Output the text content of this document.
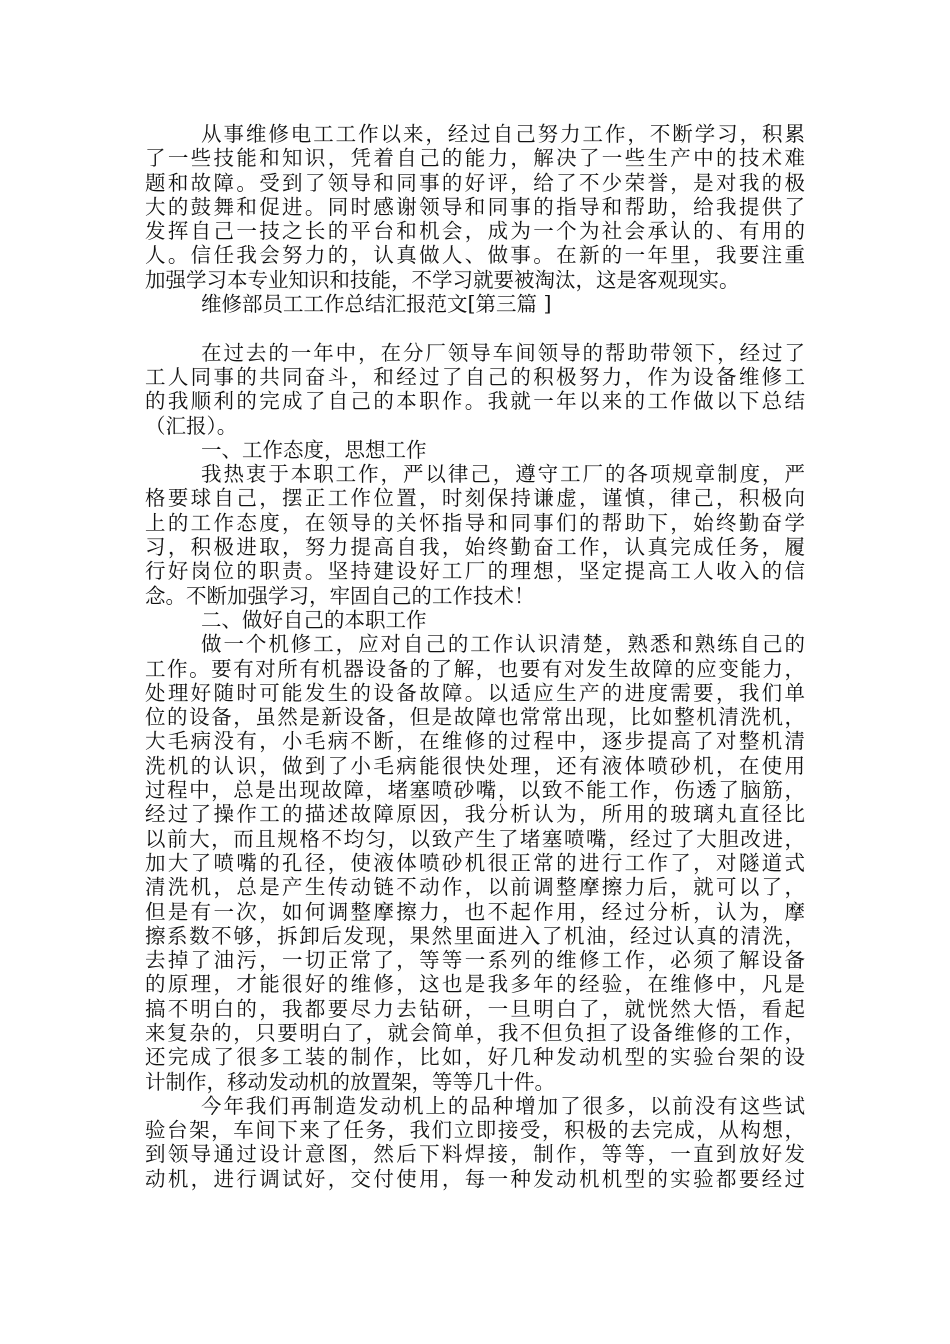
从事维修电工工作以来，经过自己努力工作，不断学习，积累
了一些技能和知识，凭着自己的能力，解决了一些生产中的技术难
题和故障。受到了领导和同事的好评，给了不少荣誉，是对我的极
大的鼓舞和促进。同时感谢领导和同事的指导和帮助，给我提供了
发挥自己一技之长的平台和机会，成为一个为社会承认的、有用的
人。信任我会努力的，认真做人、做事。在新的一年里，我要注重
加强学习本专业知识和技能，不学习就要被淘汰，这是客观现实。
维修部员工工作总结汇报范文[第三篇 ]
在过去的一年中，在分厂领导车间领导的帮助带领下，经过了
工人同事的共同奋斗，和经过了自己的积极努力，作为设备维修工
的我顺利的完成了自己的本职作。我就一年以来的工作做以下总结
（汇报）。
一、工作态度，思想工作
我热衷于本职工作，严以律己，遵守工厂的各项规章制度，严
格要球自己，摆正工作位置，时刻保持谦虚，谨慎，律己，积极向
上的工作态度，在领导的关怀指导和同事们的帮助下，始终勤奋学
习，积极进取，努力提高自我，始终勤奋工作，认真完成任务，履
行好岗位的职责。坚持建设好工厂的理想，坚定提高工人收入的信
念。不断加强学习，牢固自己的工作技术！
二、做好自己的本职工作
做一个机修工，应对自己的工作认识清楚，熟悉和熟练自己的
工作。要有对所有机器设备的了解，也要有对发生故障的应变能力，
处理好随时可能发生的设备故障。以适应生产的进度需要，我们单
位的设备，虽然是新设备，但是故障也常常出现，比如整机清洗机，
大毛病没有，小毛病不断，在维修的过程中，逐步提高了对整机清
洗机的认识，做到了小毛病能很快处理，还有液体喷砂机，在使用
过程中，总是出现故障，堵塞喷砂嘴，以致不能工作，伤透了脑筋，
经过了操作工的描述故障原因，我分析认为，所用的玻璃丸直径比
以前大，而且规格不均匀，以致产生了堵塞喷嘴，经过了大胆改进，
加大了喷嘴的孔径，使液体喷砂机很正常的进行工作了，对隧道式
清洗机，总是产生传动链不动作，以前调整摩擦力后，就可以了，
但是有一次，如何调整摩擦力，也不起作用，经过分析，认为，摩
擦系数不够，拆卸后发现，果然里面进入了机油，经过认真的清洗，
去掉了油污，一切正常了，等等一系列的维修工作，必须了解设备
的原理，才能很好的维修，这也是我多年的经验，在维修中，凡是
搞不明白的，我都要尽力去钻研，一旦明白了，就恍然大悟，看起
来复杂的，只要明白了，就会简单，我不但负担了设备维修的工作，
还完成了很多工装的制作，比如，好几种发动机型的实验台架的设
计制作，移动发动机的放置架，等等几十件。
今年我们再制造发动机上的品种增加了很多，以前没有这些试
验台架，车间下来了任务，我们立即接受，积极的去完成，从构想，
到领导通过设计意图，然后下料焊接，制作，等等，一直到放好发
动机，进行调试好，交付使用，每一种发动机机型的实验都要经过
